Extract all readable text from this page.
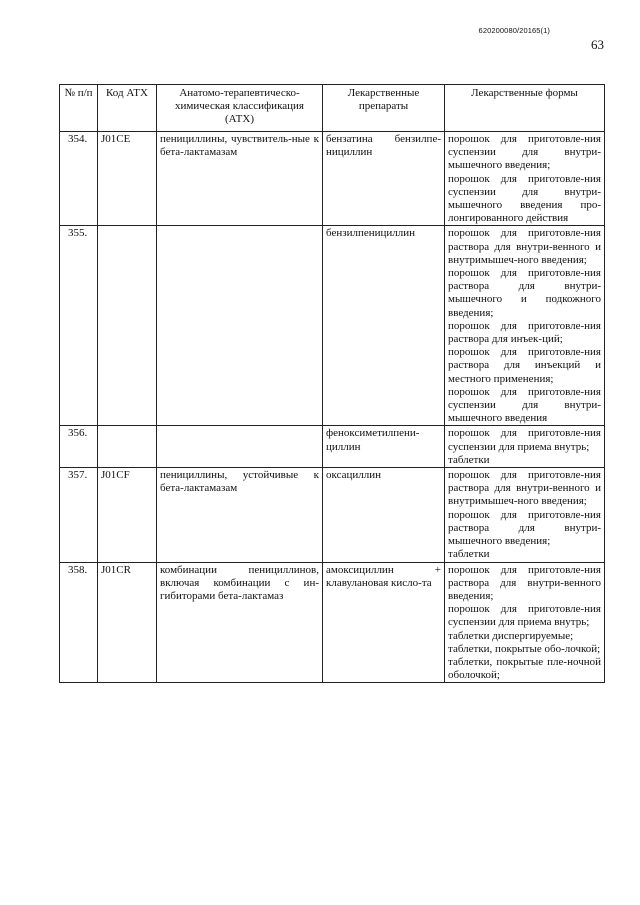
620200080/20165(1)
63
№ п/п	Код АТХ	Анатомо-терапевтическо-химическая классификация (АТХ)	Лекарственные препараты	Лекарственные формы
354.	J01CE	пенициллины, чувствитель-ные к бета-лактамазам	бензатина бензилпе-нициллин	порошок для приготовле-ния суспензии для внутри-мышечного введения;
порошок для приготовле-ния суспензии для внутри-мышечного введения про-лонгированного действия

355.			бензилпенициллин	порошок для приготовле-ния раствора для внутри-венного и внутримышеч-ного введения;
порошок для приготовле-ния раствора для внутри-мышечного и подкожного введения;
порошок для приготовле-ния раствора для инъек-ций;
порошок для приготовле-ния раствора для инъекций и местного применения;
порошок для приготовле-ния суспензии для внутри-мышечного введения

356.			феноксиметилпени-циллин	порошок для приготовле-ния суспензии для приема внутрь;
таблетки

357.	J01CF	пенициллины, устойчивые к бета-лактамазам	оксациллин	порошок для приготовле-ния раствора для внутри-венного и внутримышеч-ного введения;
порошок для приготовле-ния раствора для внутри-мышечного введения;
таблетки

358.	J01CR	комбинации пенициллинов, включая комбинации с ин-гибиторами бета-лактамаз	амоксициллин + клавулановая кисло-та	порошок для приготовле-ния раствора для внутри-венного введения;
порошок для приготовле-ния суспензии для приема внутрь;
таблетки диспергируемые;
таблетки, покрытые обо-лочкой;
таблетки, покрытые пле-ночной оболочкой;
